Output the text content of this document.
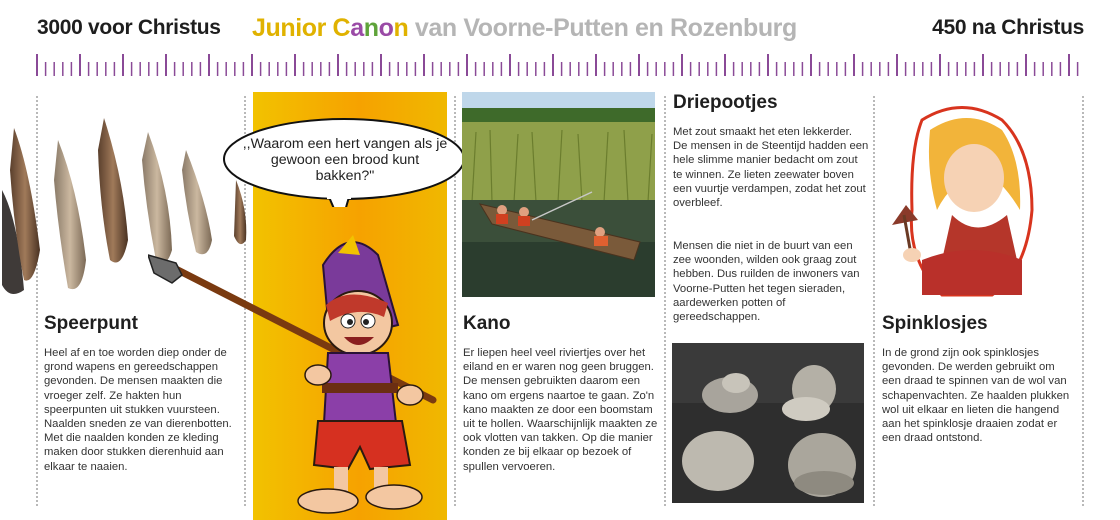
3000 voor Christus Junior Canon van Voorne-Putten en Rozenburg	450 na Christus
Speerpunt
Heel af en toe worden diep onder de grond wapens en gereedschappen gevonden. De mensen maakten die vroeger zelf. Ze hakten hun speerpunten uit stukken vuursteen. Naalden sneden ze van dierenbotten. Met die naalden konden ze kleding maken door stukken dierenhuid aan elkaar te naaien.
,,Waarom een hert vangen als je gewoon een brood kunt bakken?"
Kano
Er liepen heel veel riviertjes over het eiland en er waren nog geen bruggen. De mensen gebruikten daarom een kano om ergens naartoe te gaan. Zo'n kano maakten ze door een boomstam uit te hollen. Waarschijnlijk maakten ze ook vlotten van takken. Op die manier konden ze bij elkaar op bezoek of spullen vervoeren.
Driepootjes
Met zout smaakt het eten lekkerder. De mensen in de Steentijd hadden een hele slimme manier bedacht om zout te winnen. Ze lieten zeewater boven een vuurtje verdampen, zodat het zout overbleef.
Mensen die niet in de buurt van een zee woonden, wilden ook graag zout hebben. Dus ruilden de inwoners van Voorne-Putten het tegen sieraden, aardewerken potten of gereedschappen.	Spinklosjes
In de grond zijn ook spinklosjes gevonden. De werden gebruikt om een draad te spinnen van de wol van schapenvachten. Ze haalden plukken wol uit elkaar en lieten die hangend aan het spinklosje draaien zodat er een draad ontstond.
